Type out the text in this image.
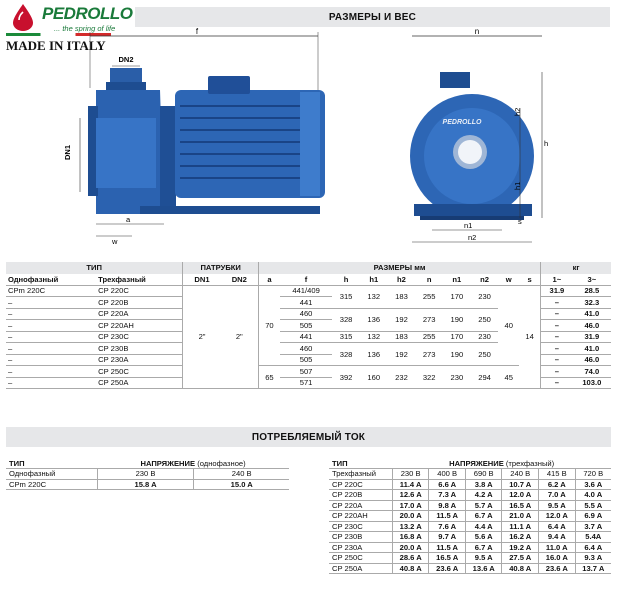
PEDROLLO
... the spring of life
MADE IN ITALY
РАЗМЕРЫ И ВЕС
f
DN2
DN1
a
w
n
PEDROLLO
h
h2
h1
s
n1
n2
ТИП		ПАТРУБКИ		РАЗМЕРЫ мм										кг	
Однофазный	Трехфазный	DN1	DN2	a	f	h	h1	h2	n	n1	n2	w	s	1~	3~
CPm 220C	CP 220C	2"	2"	70	441/409	315	132	183	255	170	230	40	14	31.9	28.5
–	CP 220B				441									–	32.3
–	CP 220A				460	328	136	192	273	190	250			–	41.0
–	CP 220AH				505									–	46.0
–	CP 230C				441	315	132	183	255	170	230			–	31.9
–	CP 230B				460	328	136	192	273	190	250			–	41.0
–	CP 230A				505									–	46.0
–	CP 250C			65	507	392	160	232	322	230	294	45		–	74.0
–	CP 250A				571									–	103.0
ПОТРЕБЛЯЕМЫЙ ТОК
ТИП	НАПРЯЖЕНИЕ (однофазное)	
Однофазный	230 В	240 В
CPm 220C	15.8 A	15.0 A
ТИП	НАПРЯЖЕНИЕ (трехфазный)					
Трехфазный	230 В	400 В	690 В	240 В	415 В	720 В
CP 220C	11.4 A	6.6 A	3.8 A	10.7 A	6.2 A	3.6 A
CP 220B	12.6 A	7.3 A	4.2 A	12.0 A	7.0 A	4.0 A
CP 220A	17.0 A	9.8 A	5.7 A	16.5 A	9.5 A	5.5 A
CP 220AH	20.0 A	11.5 A	6.7 A	21.0 A	12.0 A	6.9 A
CP 230C	13.2 A	7.6 A	4.4 A	11.1 A	6.4 A	3.7 A
CP 230B	16.8 A	9.7 A	5.6 A	16.2 A	9.4 A	5.4A
CP 230A	20.0 A	11.5 A	6.7 A	19.2 A	11.0 A	6.4 A
CP 250C	28.6 A	16.5 A	9.5 A	27.5 A	16.0 A	9.3 A
CP 250A	40.8 A	23.6 A	13.6 A	40.8 A	23.6 A	13.7 A
